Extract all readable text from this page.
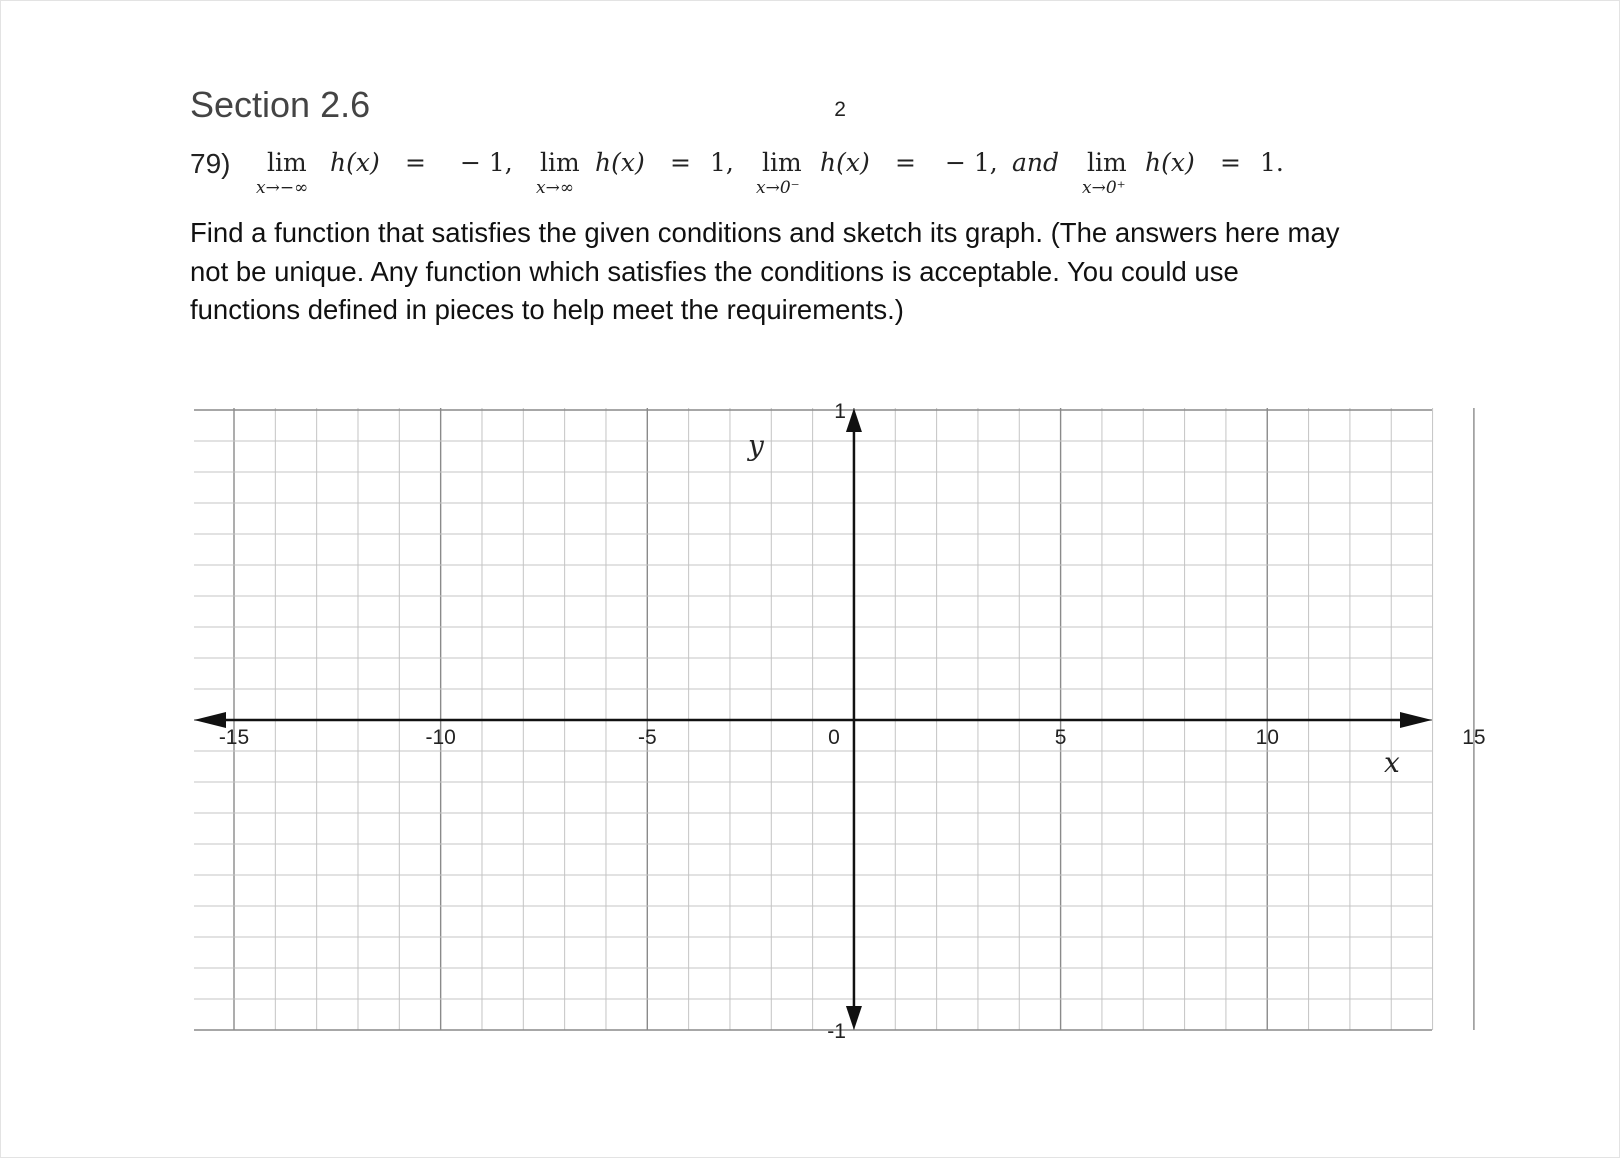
Section 2.6
79) lim
x→−∞
h(x) = − 1, lim
x→∞
h(x) = 1, lim
x→0⁻
h(x) = − 1, and lim
x→0⁺
h(x) = 1.
Find a function that satisfies the given conditions and sketch its graph. (The answers here may
not be unique. Any function which satisfies the conditions is acceptable. You could use
functions defined in pieces to help meet the requirements.)
-15	-10	-5	0	5	10	15
2
1
-1
x
y
